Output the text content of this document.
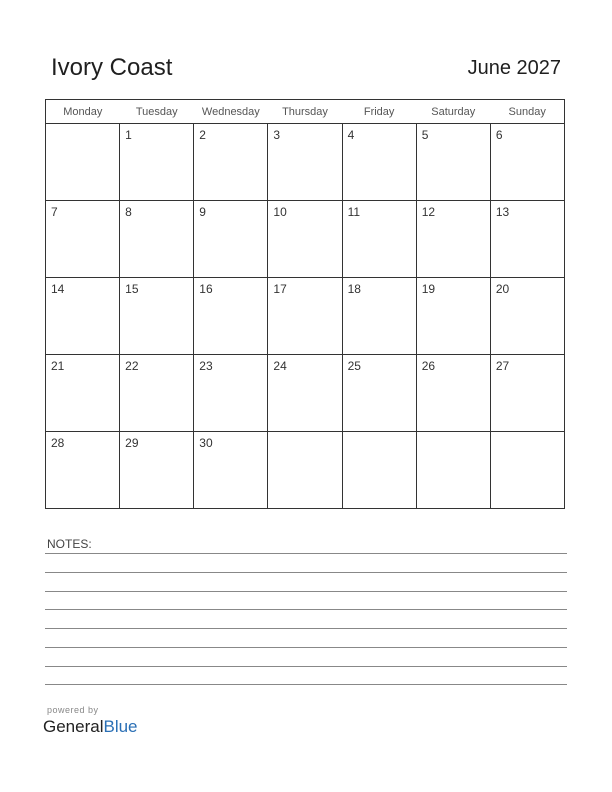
Ivory Coast	June 2027
Monday	Tuesday	Wednesday	Thursday	Friday	Saturday	Sunday

	1	2	3	4	5	6

7	8	9	10	11	12	13

14	15	16	17	18	19	20

21	22	23	24	25	26	27

28	29	30				

NOTES:
powered by
GeneralBlue
